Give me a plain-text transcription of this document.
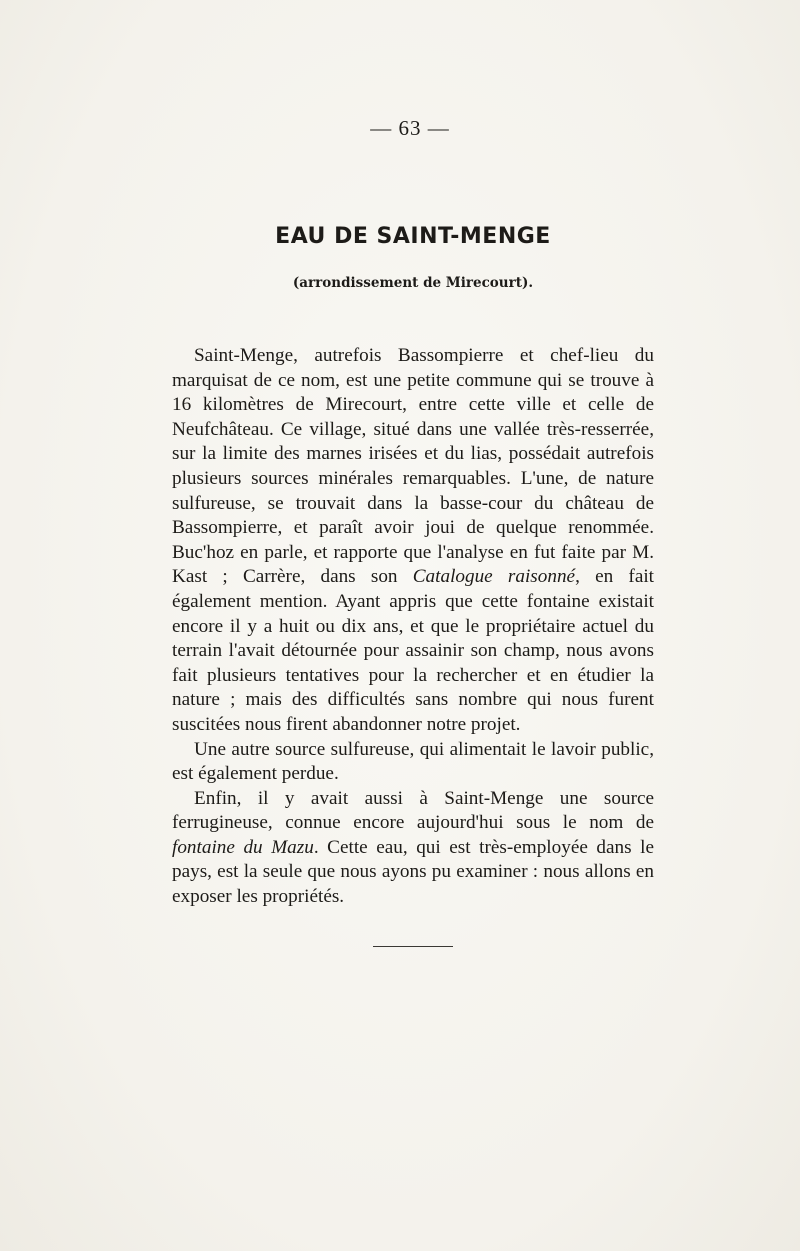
— 63 —
EAU DE SAINT-MENGE
(arrondissement de Mirecourt).

Saint-Menge, autrefois Bassompierre et chef-lieu du marquisat de ce nom, est une petite commune qui se trouve à 16 kilomètres de Mirecourt, entre cette ville et celle de Neufchâteau. Ce village, situé dans une vallée très-resserrée, sur la limite des marnes irisées et du lias, possédait autrefois plusieurs sources minérales remarquables. L'une, de nature sulfureuse, se trouvait dans la basse-cour du château de Bassompierre, et paraît avoir joui de quelque renommée. Buc'hoz en parle, et rapporte que l'analyse en fut faite par M. Kast ; Carrère, dans son Catalogue raisonné, en fait également mention. Ayant appris que cette fontaine existait encore il y a huit ou dix ans, et que le propriétaire actuel du terrain l'avait détournée pour assainir son champ, nous avons fait plusieurs tentatives pour la rechercher et en étudier la nature ; mais des difficultés sans nombre qui nous furent suscitées nous firent abandonner notre projet.

Une autre source sulfureuse, qui alimentait le lavoir public, est également perdue.

Enfin, il y avait aussi à Saint-Menge une source ferrugineuse, connue encore aujourd'hui sous le nom de fontaine du Mazu. Cette eau, qui est très-employée dans le pays, est la seule que nous ayons pu examiner : nous allons en exposer les propriétés.
